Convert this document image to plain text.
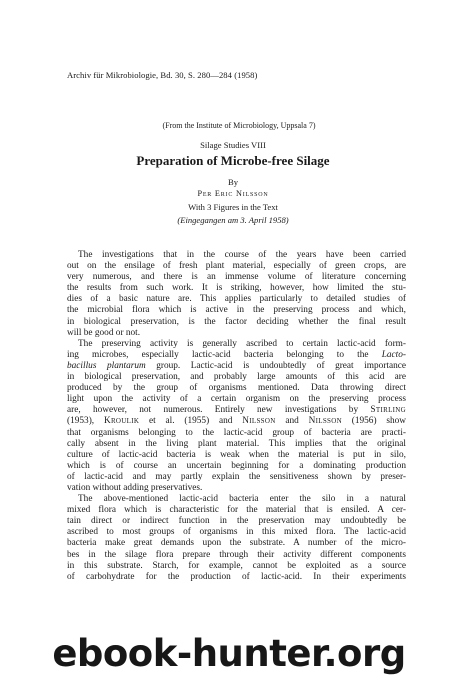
Archiv für Mikrobiologie, Bd. 30, S. 280—284 (1958)
(From the Institute of Microbiology, Uppsala 7)
Silage Studies VIII
Preparation of Microbe-free Silage
By
Per Eric Nilsson
With 3 Figures in the Text
(Eingegangen am 3. April 1958)

The investigations that in the course of the years have been carried
out on the ensilage of fresh plant material, especially of green crops, are
very numerous, and there is an immense volume of literature concerning
the results from such work. It is striking, however, how limited the stu-
dies of a basic nature are. This applies particularly to detailed studies of
the microbial flora which is active in the preserving process and which,
in biological preservation, is the factor deciding whether the final result
will be good or not.

The preserving activity is generally ascribed to certain lactic-acid form-
ing microbes, especially lactic-acid bacteria belonging to the Lacto-
bacillus plantarum group. Lactic-acid is undoubtedly of great importance
in biological preservation, and probably large amounts of this acid are
produced by the group of organisms mentioned. Data throwing direct
light upon the activity of a certain organism on the preserving process
are, however, not numerous. Entirely new investigations by Stirling
(1953), Kroulik et al. (1955) and Nilsson and Nilsson (1956) show
that organisms belonging to the lactic-acid group of bacteria are practi-
cally absent in the living plant material. This implies that the original
culture of lactic-acid bacteria is weak when the material is put in silo,
which is of course an uncertain beginning for a dominating production
of lactic-acid and may partly explain the sensitiveness shown by preser-
vation without adding preservatives.

The above-mentioned lactic-acid bacteria enter the silo in a natural
mixed flora which is characteristic for the material that is ensiled. A cer-
tain direct or indirect function in the preservation may undoubtedly be
ascribed to most groups of organisms in this mixed flora. The lactic-acid
bacteria make great demands upon the substrate. A number of the micro-
bes in the silage flora prepare through their activity different components
in this substrate. Starch, for example, cannot be exploited as a source
of carbohydrate for the production of lactic-acid. In their experiments

ebook-hunter.org
